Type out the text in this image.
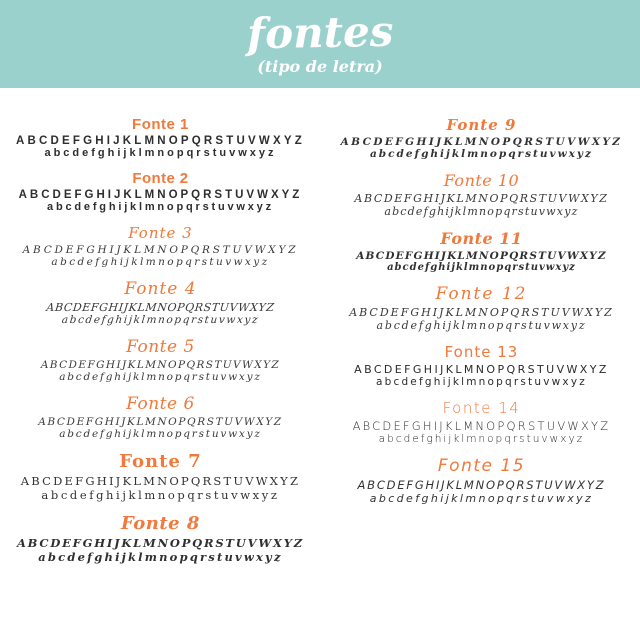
fontes
(tipo de letra)
Fonte 1
ABCDEFGHIJKLMNOPQRSTUVWXYZ
abcdefghijklmnopqrstuvwxyz
Fonte 2
ABCDEFGHIJKLMNOPQRSTUVWXYZ
abcdefghijklmnopqrstuvwxyz
Fonte 3
ABCDEFGHIJKLMNOPQRSTUVWXYZ
abcdefghijklmnopqrstuvwxyz
Fonte 4
ABCDEFGHIJKLMNOPQRSTUVWXYZ
abcdefghijklmnopqrstuvwxyz
Fonte 5
ABCDEFGHIJKLMNOPQRSTUVWXYZ
abcdefghijklmnopqrstuvwxyz
Fonte 6
ABCDEFGHIJKLMNOPQRSTUVWXYZ
abcdefghijklmnopqrstuvwxyz
Fonte 7
ABCDEFGHIJKLMNOPQRSTUVWXYZ
abcdefghijklmnopqrstuvwxyz
Fonte 8
ABCDEFGHIJKLMNOPQRSTUVWXYZ
abcdefghijklmnopqrstuvwxyz
Fonte 9
ABCDEFGHIJKLMNOPQRSTUVWXYZ
abcdefghijklmnopqrstuvwxyz
Fonte 10
ABCDEFGHIJKLMNOPQRSTUVWXYZ
abcdefghijklmnopqrstuvwxyz
Fonte 11
ABCDEFGHIJKLMNOPQRSTUVWXYZ
abcdefghijklmnopqrstuvwxyz
Fonte 12
ABCDEFGHIJKLMNOPQRSTUVWXYZ
abcdefghijklmnopqrstuvwxyz
Fonte 13
ABCDEFGHIJKLMNOPQRSTUVWXYZ
abcdefghijklmnopqrstuvwxyz
Fonte 14
ABCDEFGHIJKLMNOPQRSTUVWXYZ
abcdefghijklmnopqrstuvwxyz
Fonte 15
ABCDEFGHIJKLMNOPQRSTUVWXYZ
abcdefghijklmnopqrstuvwxyz
